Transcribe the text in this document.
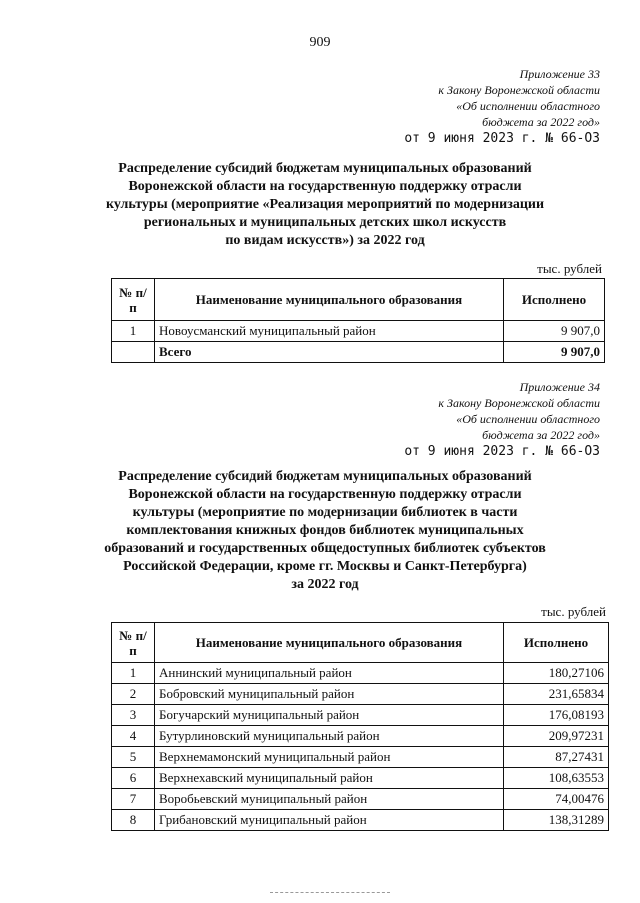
909
Приложение 33
к Закону Воронежской области
«Об исполнении областного
бюджета за 2022 год»
от 9 июня 2023 г. № 66-ОЗ
Распределение субсидий бюджетам муниципальных образований
Воронежской области на государственную поддержку отрасли
культуры (мероприятие «Реализация мероприятий по модернизации
региональных и муниципальных детских школ искусств
по видам искусств») за 2022 год
тыс. рублей
№ п/п	Наименование муниципального образования	Исполнено
1	Новоусманский муниципальный район	9 907,0
	Всего	9 907,0
Приложение 34
к Закону Воронежской области
«Об исполнении областного
бюджета за 2022 год»
от 9 июня 2023 г. № 66-ОЗ
Распределение субсидий бюджетам муниципальных образований
Воронежской области на государственную поддержку отрасли
культуры (мероприятие по модернизации библиотек в части
комплектования книжных фондов библиотек муниципальных
образований и государственных общедоступных библиотек субъектов
Российской Федерации, кроме гг. Москвы и Санкт-Петербурга)
за 2022 год
тыс. рублей
№ п/п	Наименование муниципального образования	Исполнено
1	Аннинский муниципальный район	180,27106
2	Бобровский муниципальный район	231,65834
3	Богучарский муниципальный район	176,08193
4	Бутурлиновский муниципальный район	209,97231
5	Верхнемамонский муниципальный район	87,27431
6	Верхнехавский муниципальный район	108,63553
7	Воробьевский муниципальный район	74,00476
8	Грибановский муниципальный район	138,31289
